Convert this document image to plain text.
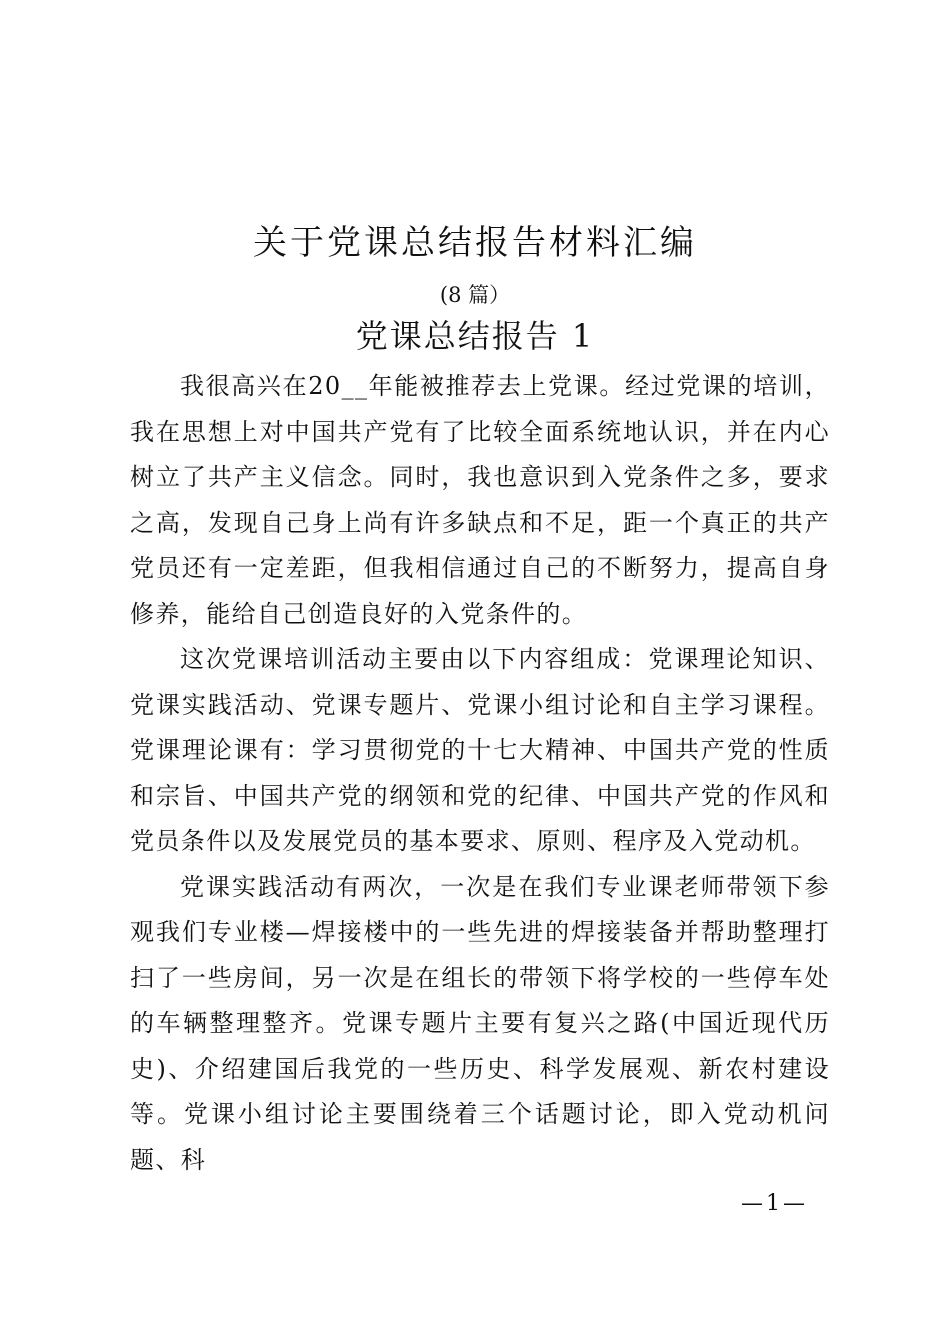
关于党课总结报告材料汇编
(8 篇）
党课总结报告 1

我很高兴在20__年能被推荐去上党课。经过党课的培训，我在思想上对中国共产党有了比较全面系统地认识，并在内心树立了共产主义信念。同时，我也意识到入党条件之多，要求之高，发现自己身上尚有许多缺点和不足，距一个真正的共产党员还有一定差距，但我相信通过自己的不断努力，提高自身修养，能给自己创造良好的入党条件的。

这次党课培训活动主要由以下内容组成：党课理论知识、党课实践活动、党课专题片、党课小组讨论和自主学习课程。党课理论课有：学习贯彻党的十七大精神、中国共产党的性质和宗旨、中国共产党的纲领和党的纪律、中国共产党的作风和党员条件以及发展党员的基本要求、原则、程序及入党动机。

党课实践活动有两次，一次是在我们专业课老师带领下参观我们专业楼—焊接楼中的一些先进的焊接装备并帮助整理打扫了一些房间，另一次是在组长的带领下将学校的一些停车处的车辆整理整齐。党课专题片主要有复兴之路(中国近现代历史)、介绍建国后我党的一些历史、科学发展观、新农村建设等。党课小组讨论主要围绕着三个话题讨论，即入党动机问题、科

—1—
